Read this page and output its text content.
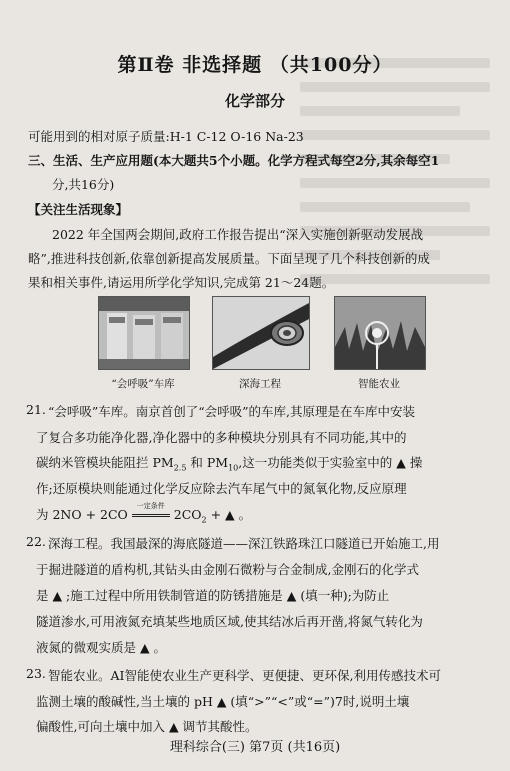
第Ⅱ卷 非选择题 （共100分）
化学部分
可能用到的相对原子质量:H-1 C-12 O-16 Na-23
三、生活、生产应用题(本大题共5个小题。化学方程式每空2分,其余每空1
分,共16分)
【关注生活现象】
2022 年全国两会期间,政府工作报告提出“深入实施创新驱动发展战
略”,推进科技创新,依靠创新提高发展质量。下面呈现了几个科技创新的成
果和相关事件,请运用所学化学知识,完成第 21～24题。
“会呼吸”车库	深海工程	智能农业
21. “会呼吸”车库。南京首创了“会呼吸”的车库,其原理是在车库中安装
了复合多功能净化器,净化器中的多种模块分别具有不同功能,其中的
碳纳米管模块能阻拦 $PM_{2.5}$ 和 $PM_{10}$,这一功能类似于实验室中的 ▲ 操
作;还原模块则能通过化学反应除去汽车尾气中的氮氧化物,反应原理
为 2NO + 2CO
一定条件
$2CO_2$ + ▲ 。
22. 深海工程。我国最深的海底隧道——深江铁路珠江口隧道已开始施工,用
于掘进隧道的盾构机,其钻头由金刚石微粉与合金制成,金刚石的化学式
是 ▲ ;施工过程中所用铁制管道的防锈措施是 ▲ (填一种);为防止
隧道渗水,可用液氮充填某些地质区域,使其结冰后再开凿,将氮气转化为
液氮的微观实质是 ▲ 。
23. 智能农业。AI智能使农业生产更科学、更便捷、更环保,利用传感技术可
监测土壤的酸碱性,当土壤的 pH ▲ (填“>”“<”或“=”)7时,说明土壤
偏酸性,可向土壤中加入 ▲ 调节其酸性。
理科综合(三) 第7页 (共16页)
